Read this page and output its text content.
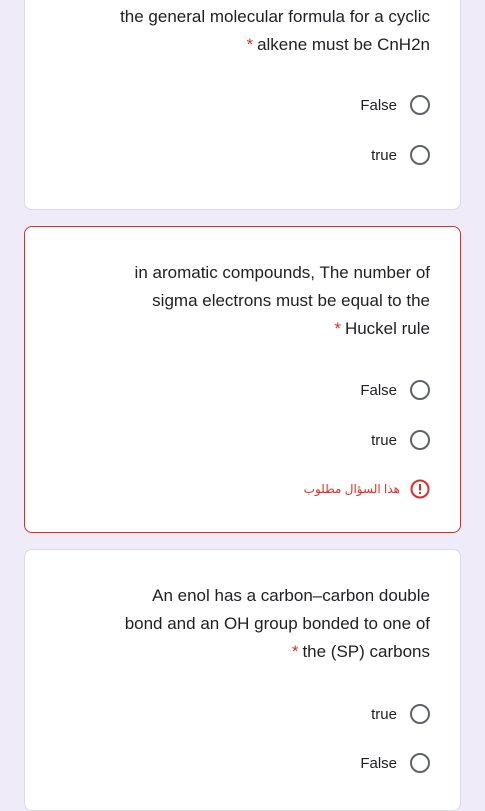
the general molecular formula for a cyclic
* alkene must be CnH2n
False
true
in aromatic compounds, The number of
sigma electrons must be equal to the
* Huckel rule
False
true
هذا السؤال مطلوب
An enol has a carbon–carbon double
bond and an OH group bonded to one of
* the (SP) carbons
true
False
